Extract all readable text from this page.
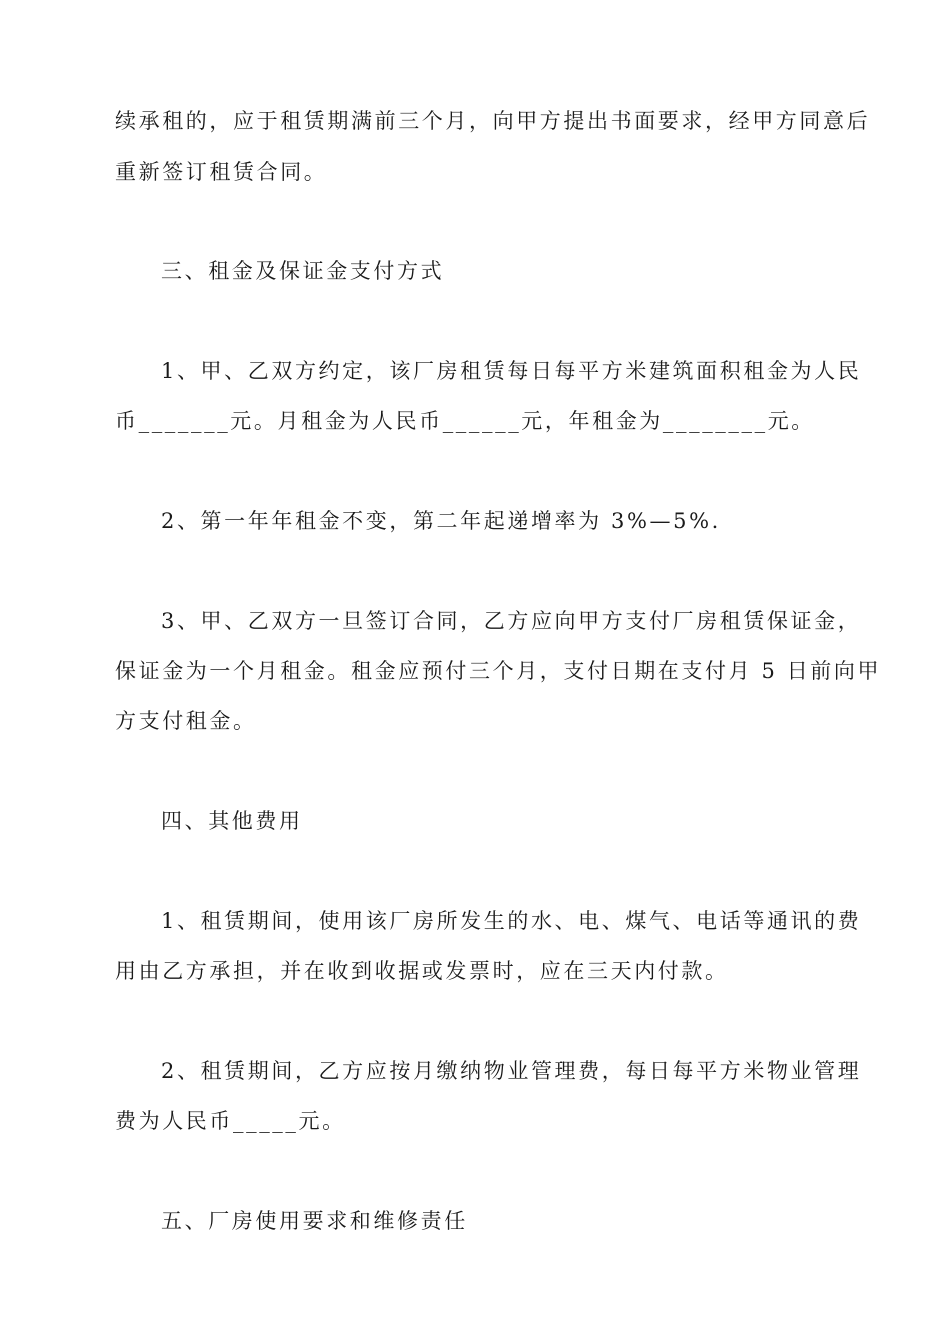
续承租的，应于租赁期满前三个月，向甲方提出书面要求，经甲方同意后
重新签订租赁合同。
三、租金及保证金支付方式
1、甲、乙双方约定，该厂房租赁每日每平方米建筑面积租金为人民
币_______元。月租金为人民币______元，年租金为________元。
2、第一年年租金不变，第二年起递增率为 3%—5%.
3、甲、乙双方一旦签订合同，乙方应向甲方支付厂房租赁保证金，
保证金为一个月租金。租金应预付三个月，支付日期在支付月 5 日前向甲
方支付租金。
四、其他费用
1、租赁期间，使用该厂房所发生的水、电、煤气、电话等通讯的费
用由乙方承担，并在收到收据或发票时，应在三天内付款。
2、租赁期间，乙方应按月缴纳物业管理费，每日每平方米物业管理
费为人民币_____元。
五、厂房使用要求和维修责任
